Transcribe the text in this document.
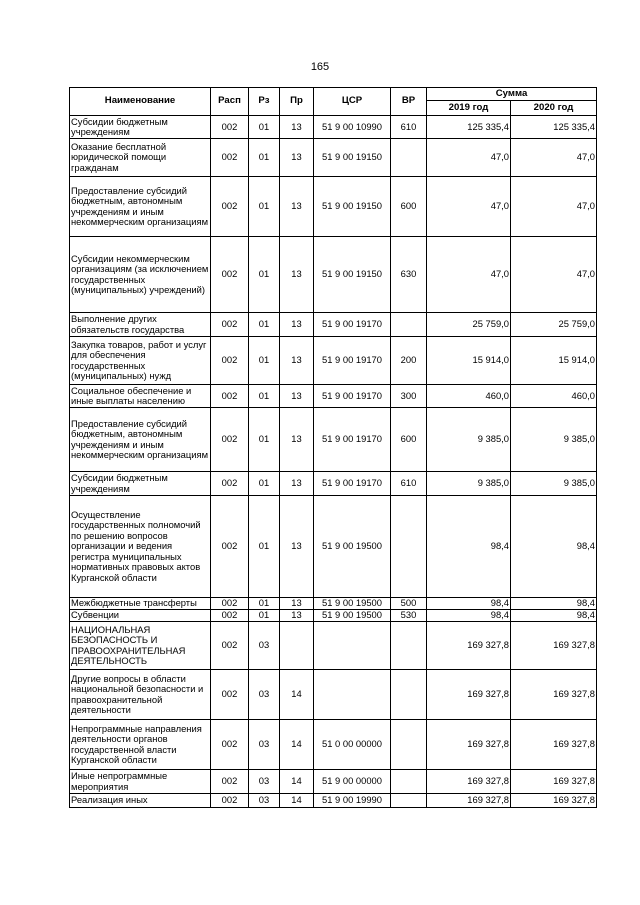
165
Наименование	Расп	Рз	Пр	ЦСР	ВР	Сумма	
						2019 год	2020 год
Субсидии бюджетным учреждениям	002	01	13	51 9 00 10990	610	125 335,4	125 335,4
Оказание бесплатной юридической помощи гражданам	002	01	13	51 9 00 19150		47,0	47,0
Предоставление субсидий бюджетным, автономным учреждениям и иным некоммерческим организациям	002	01	13	51 9 00 19150	600	47,0	47,0
Субсидии некоммерческим организациям (за исключением государственных (муниципальных) учреждений)	002	01	13	51 9 00 19150	630	47,0	47,0
Выполнение других обязательств государства	002	01	13	51 9 00 19170		25 759,0	25 759,0
Закупка товаров, работ и услуг для обеспечения государственных (муниципальных) нужд	002	01	13	51 9 00 19170	200	15 914,0	15 914,0
Социальное обеспечение и иные выплаты населению	002	01	13	51 9 00 19170	300	460,0	460,0
Предоставление субсидий бюджетным, автономным учреждениям и иным некоммерческим организациям	002	01	13	51 9 00 19170	600	9 385,0	9 385,0
Субсидии бюджетным учреждениям	002	01	13	51 9 00 19170	610	9 385,0	9 385,0
Осуществление государственных полномочий по решению вопросов организации и ведения регистра муниципальных нормативных правовых актов Курганской области	002	01	13	51 9 00 19500		98,4	98,4
Межбюджетные трансферты	002	01	13	51 9 00 19500	500	98,4	98,4
Субвенции	002	01	13	51 9 00 19500	530	98,4	98,4
НАЦИОНАЛЬНАЯ БЕЗОПАСНОСТЬ И ПРАВООХРАНИТЕЛЬНАЯ ДЕЯТЕЛЬНОСТЬ	002	03				169 327,8	169 327,8
Другие вопросы в области национальной безопасности и правоохранительной деятельности	002	03	14			169 327,8	169 327,8
Непрограммные направления деятельности органов государственной власти Курганской области	002	03	14	51 0 00 00000		169 327,8	169 327,8
Иные непрограммные мероприятия	002	03	14	51 9 00 00000		169 327,8	169 327,8
Реализация иных	002	03	14	51 9 00 19990		169 327,8	169 327,8
